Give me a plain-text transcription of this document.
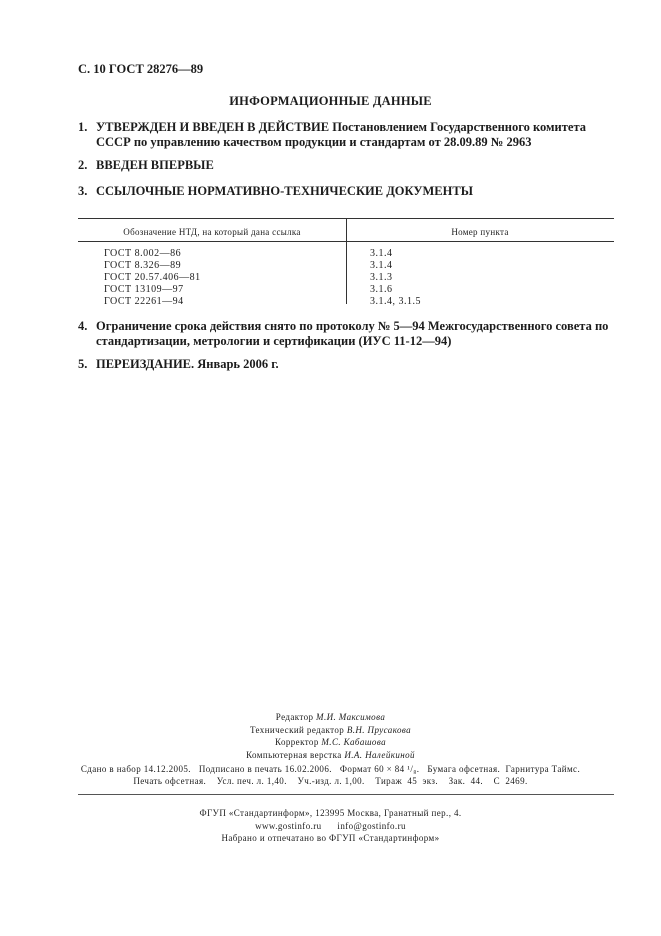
С. 10 ГОСТ 28276—89
ИНФОРМАЦИОННЫЕ ДАННЫЕ
1. УТВЕРЖДЕН И ВВЕДЕН В ДЕЙСТВИЕ Постановлением Государственного комитета СССР по управлению качеством продукции и стандартам от 28.09.89 № 2963
2. ВВЕДЕН ВПЕРВЫЕ
3. ССЫЛОЧНЫЕ НОРМАТИВНО-ТЕХНИЧЕСКИЕ ДОКУМЕНТЫ
Обозначение НТД, на который дана ссылка	Номер пункта
ГОСТ 8.002—86
ГОСТ 8.326—89
ГОСТ 20.57.406—81
ГОСТ 13109—97
ГОСТ 22261—94
3.1.4
3.1.4
3.1.3
3.1.6
3.1.4, 3.1.5
4. Ограничение срока действия снято по протоколу № 5—94 Межгосударственного совета по стандартизации, метрологии и сертификации (ИУС 11-12—94)
5. ПЕРЕИЗДАНИЕ. Январь 2006 г.
Редактор М.И. Максимова
Технический редактор В.Н. Прусакова
Корректор М.С. Кабашова
Компьютерная верстка И.А. Налейкиной
Сдано в набор 14.12.2005.   Подписано в печать 16.02.2006.   Формат 60 × 84 ¹/₈.   Бумага офсетная.  Гарнитура Таймс.
Печать офсетная.    Усл. печ. л. 1,40.    Уч.-изд. л. 1,00.    Тираж  45  экз.    Зак.  44.    С  2469.
ФГУП «Стандартинформ», 123995 Москва, Гранатный пер., 4.
www.gostinfo.ru      info@gostinfo.ru
Набрано и отпечатано во ФГУП «Стандартинформ»
